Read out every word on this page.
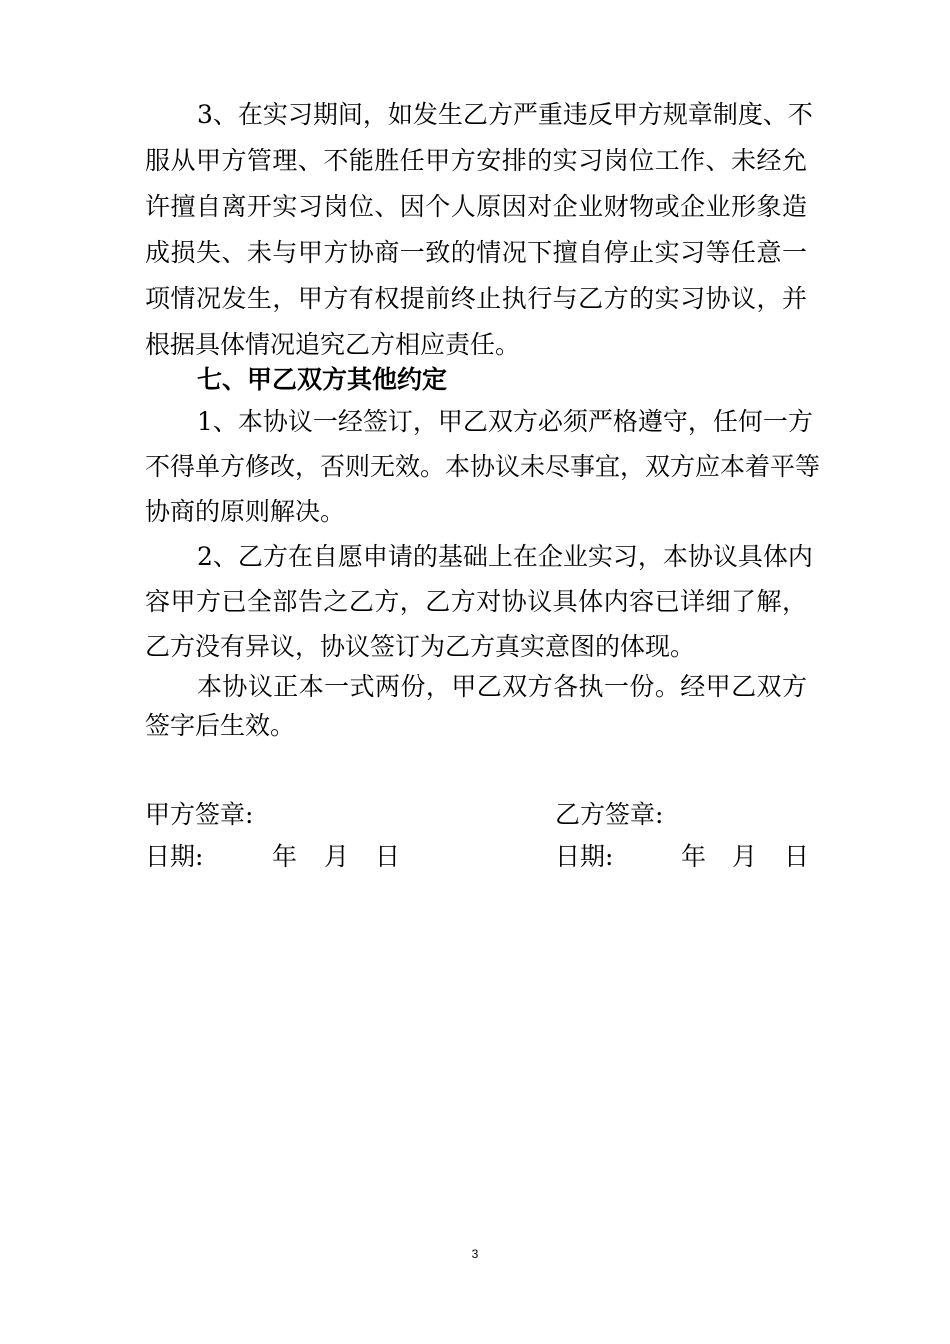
3、在实习期间，如发生乙方严重违反甲方规章制度、不
服从甲方管理、不能胜任甲方安排的实习岗位工作、未经允
许擅自离开实习岗位、因个人原因对企业财物或企业形象造
成损失、未与甲方协商一致的情况下擅自停止实习等任意一
项情况发生，甲方有权提前终止执行与乙方的实习协议，并
根据具体情况追究乙方相应责任。
七、甲乙双方其他约定
1、本协议一经签订，甲乙双方必须严格遵守，任何一方
不得单方修改，否则无效。本协议未尽事宜，双方应本着平等
协商的原则解决。
2、乙方在自愿申请的基础上在企业实习，本协议具体内
容甲方已全部告之乙方，乙方对协议具体内容已详细了解，
乙方没有异议，协议签订为乙方真实意图的体现。
本协议正本一式两份，甲乙双方各执一份。经甲乙双方
签字后生效。
甲方签章:	乙方签章:
日期:	年 月 日	日期:	年 月 日
3
